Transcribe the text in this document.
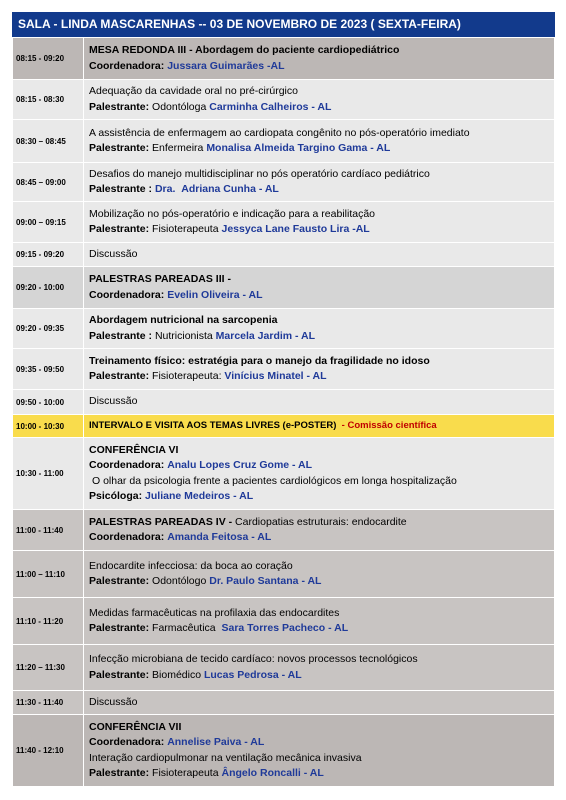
SALA - LINDA MASCARENHAS -- 03 DE NOVEMBRO DE 2023 ( SEXTA-FEIRA)
08:15 - 09:20	MESA REDONDA III - Abordagem do paciente cardiopediátrico
Coordenadora: Jussara Guimarães -AL

08:15 - 08:30	Adequação da cavidade oral no pré-cirúrgico
Palestrante: Odontóloga Carminha Calheiros - AL

08:30 – 08:45	A assistência de enfermagem ao cardiopata congênito no pós-operatório imediato
Palestrante: Enfermeira Monalisa Almeida Targino Gama - AL

08:45 – 09:00	Desafios do manejo multidisciplinar no pós operatório cardíaco pediátrico
Palestrante : Dra. Adriana Cunha - AL

09:00 – 09:15	Mobilização no pós-operatório e indicação para a reabilitação
Palestrante: Fisioterapeuta Jessyca Lane Fausto Lira -AL

09:15 - 09:20	Discussão
09:20 - 10:00	PALESTRAS PAREADAS III -
Coordenadora: Evelin Oliveira - AL

09:20 - 09:35	Abordagem nutricional na sarcopenia
Palestrante : Nutricionista Marcela Jardim - AL

09:35 - 09:50	Treinamento físico: estratégia para o manejo da fragilidade no idoso
Palestrante: Fisioterapeuta: Vinícius Minatel - AL

09:50 - 10:00	Discussão
10:00 - 10:30	INTERVALO E VISITA AOS TEMAS LIVRES (e-POSTER) - Comissão científica
10:30 - 11:00	CONFERÊNCIA VI
Coordenadora: Analu Lopes Cruz Gome - AL
O olhar da psicologia frente a pacientes cardiológicos em longa hospitalização
Psicóloga: Juliane Medeiros - AL

11:00 - 11:40	PALESTRAS PAREADAS IV - Cardiopatias estruturais: endocardite
Coordenadora: Amanda Feitosa - AL

11:00 – 11:10	Endocardite infecciosa: da boca ao coração
Palestrante: Odontólogo Dr. Paulo Santana - AL

11:10 - 11:20	Medidas farmacêuticas na profilaxia das endocardites
Palestrante: Farmacêutica Sara Torres Pacheco - AL

11:20 – 11:30	Infecção microbiana de tecido cardíaco: novos processos tecnológicos
Palestrante: Biomédico Lucas Pedrosa - AL

11:30 - 11:40	Discussão
11:40 - 12:10	CONFERÊNCIA VII
Coordenadora: Annelise Paiva - AL
Interação cardiopulmonar na ventilação mecânica invasiva
Palestrante: Fisioterapeuta Ângelo Roncalli - AL
